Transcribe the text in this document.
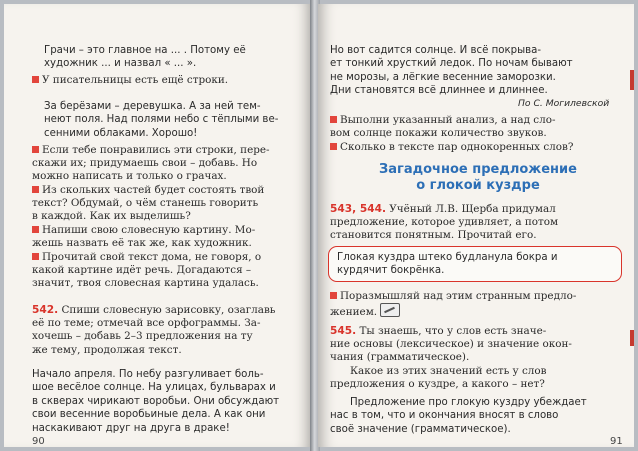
Грачи – это главное на ... . Потому её
художник ... и назвал « ... ».
У писательницы есть ещё строки.
За берёзами – деревушка. А за ней тем-
неют поля. Над полями небо с тёплыми ве-
сенними облаками. Хорошо!
Если тебе понравились эти строки, пере-
скажи их; придумаешь свои – добавь. Но
можно написать и только о грачах.
Из скольких частей будет состоять твой
текст? Обдумай, о чём станешь говорить
в каждой. Как их выделишь?
Напиши свою словесную картину. Мо-
жешь назвать её так же, как художник.
Прочитай свой текст дома, не говоря, о
какой картине идёт речь. Догадаются –
значит, твоя словесная картина удалась.
542. Спиши словесную зарисовку, озаглавь
её по теме; отмечай все орфограммы. За-
хочешь – добавь 2–3 предложения на ту
же тему, продолжая текст.
Начало апреля. По небу разгуливает боль-
шое весёлое солнце. На улицах, бульварах и
в скверах чирикают воробьи. Они обсуждают
свои весенние воробьиные дела. А как они
наскакивают друг на друга в драке!
90
Но вот садится солнце. И всё покрыва-
ет тонкий хрусткий ледок. По ночам бывают
не морозы, а лёгкие весенние заморозки.
Дни становятся всё длиннее и длиннее.
По С. Могилевской
Выполни указанный анализ, а над сло-
вом солнце покажи количество звуков.
Сколько в тексте пар однокоренных слов?
Загадочное предложение
о глокой куздре
543, 544. Учёный Л.В. Щерба придумал
предложение, которое удивляет, а потом
становится понятным. Прочитай его.
Глокая куздра штеко будланула бокра и
курдячит бокрёнка.
Поразмышляй над этим странным предло-
жением.
545. Ты знаешь, что у слов есть значе-
ние основы (лексическое) и значение окон-
чания (грамматическое).
Какое из этих значений есть у слов
предложения о куздре, а какого – нет?
Предложение про глокую куздру убеждает
нас в том, что и окончания вносят в слово
своё значение (грамматическое).
91
